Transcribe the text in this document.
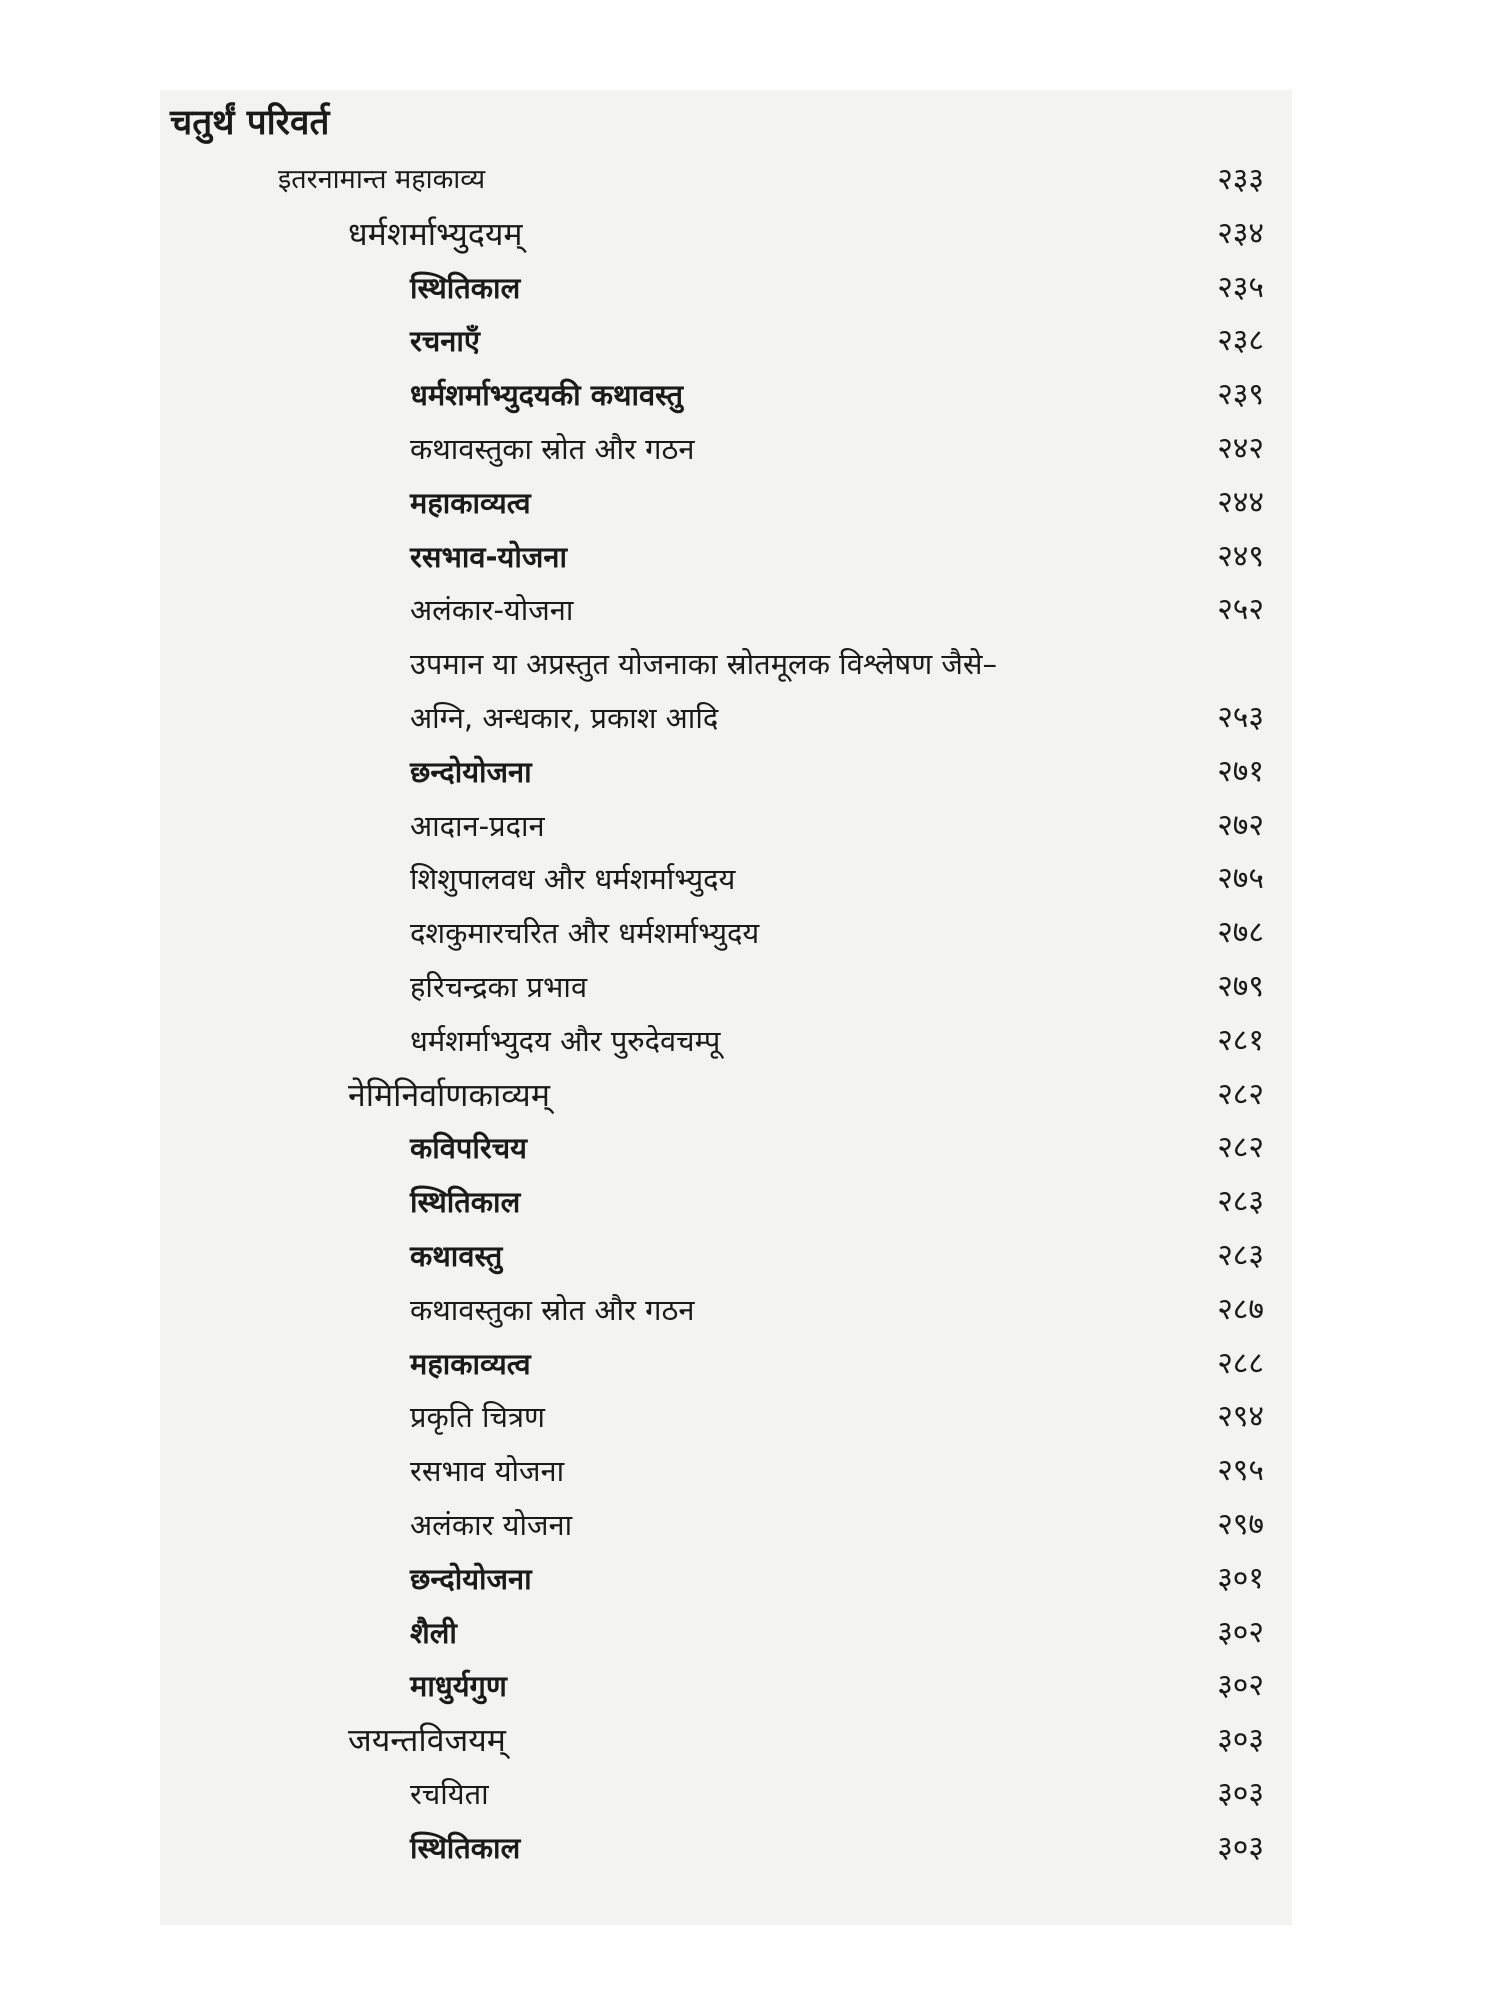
चतुर्थं परिवर्त
इतरनामान्त महाकाव्य	२३३
धर्मशर्माभ्युदयम्	२३४
स्थितिकाल	२३५
रचनाएँ	२३८
धर्मशर्माभ्युदयकी कथावस्तु	२३९
कथावस्तुका स्रोत और गठन	२४२
महाकाव्यत्व	२४४
रसभाव-योजना	२४९
अलंकार-योजना	२५२
उपमान या अप्रस्तुत योजनाका स्रोतमूलक विश्लेषण जैसे–
अग्नि, अन्धकार, प्रकाश आदि	२५३
छन्दोयोजना	२७१
आदान-प्रदान	२७२
शिशुपालवध और धर्मशर्माभ्युदय	२७५
दशकुमारचरित और धर्मशर्माभ्युदय	२७८
हरिचन्द्रका प्रभाव	२७९
धर्मशर्माभ्युदय और पुरुदेवचम्पू	२८१
नेमिनिर्वाणकाव्यम्	२८२
कविपरिचय	२८२
स्थितिकाल	२८३
कथावस्तु	२८३
कथावस्तुका स्रोत और गठन	२८७
महाकाव्यत्व	२८८
प्रकृति चित्रण	२९४
रसभाव योजना	२९५
अलंकार योजना	२९७
छन्दोयोजना	३०१
शैली	३०२
माधुर्यगुण	३०२
जयन्तविजयम्	३०३
रचयिता	३०३
स्थितिकाल	३०३
